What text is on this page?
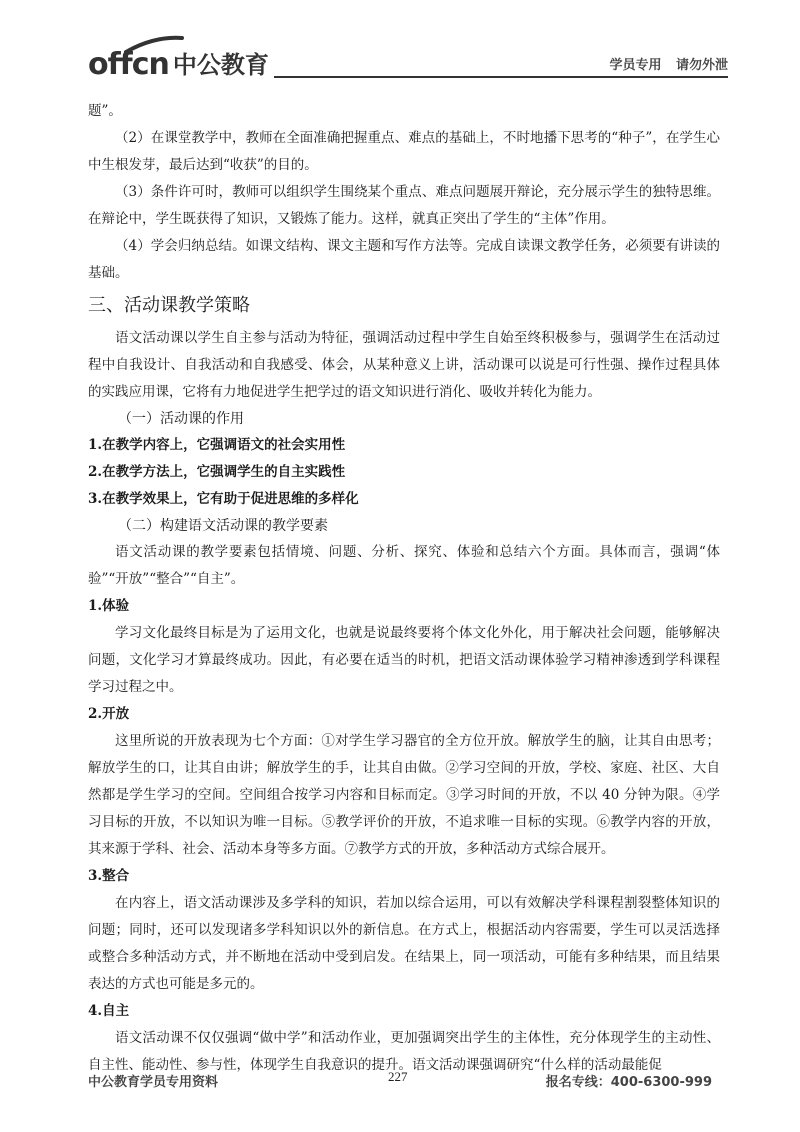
offcn 中公教育	学员专用 请勿外泄

题”。

（2）在课堂教学中，教师在全面准确把握重点、难点的基础上，不时地播下思考的“种子”，在学生心中生根发芽，最后达到“收获”的目的。

（3）条件许可时，教师可以组织学生围绕某个重点、难点问题展开辩论，充分展示学生的独特思维。在辩论中，学生既获得了知识，又锻炼了能力。这样，就真正突出了学生的“主体”作用。

（4）学会归纳总结。如课文结构、课文主题和写作方法等。完成自读课文教学任务，必须要有讲读的基础。

三、活动课教学策略

语文活动课以学生自主参与活动为特征，强调活动过程中学生自始至终积极参与，强调学生在活动过程中自我设计、自我活动和自我感受、体会，从某种意义上讲，活动课可以说是可行性强、操作过程具体的实践应用课，它将有力地促进学生把学过的语文知识进行消化、吸收并转化为能力。

（一）活动课的作用

1.在教学内容上，它强调语文的社会实用性

2.在教学方法上，它强调学生的自主实践性

3.在教学效果上，它有助于促进思维的多样化

（二）构建语文活动课的教学要素

语文活动课的教学要素包括情境、问题、分析、探究、体验和总结六个方面。具体而言，强调“体验”“开放”“整合”“自主”。

1.体验

学习文化最终目标是为了运用文化，也就是说最终要将个体文化外化，用于解决社会问题，能够解决问题，文化学习才算最终成功。因此，有必要在适当的时机，把语文活动课体验学习精神渗透到学科课程学习过程之中。

2.开放

这里所说的开放表现为七个方面：①对学生学习器官的全方位开放。解放学生的脑，让其自由思考；解放学生的口，让其自由讲；解放学生的手，让其自由做。②学习空间的开放，学校、家庭、社区、大自然都是学生学习的空间。空间组合按学习内容和目标而定。③学习时间的开放，不以 40 分钟为限。④学习目标的开放，不以知识为唯一目标。⑤教学评价的开放，不追求唯一目标的实现。⑥教学内容的开放，其来源于学科、社会、活动本身等多方面。⑦教学方式的开放，多种活动方式综合展开。

3.整合

在内容上，语文活动课涉及多学科的知识，若加以综合运用，可以有效解决学科课程割裂整体知识的问题；同时，还可以发现诸多学科知识以外的新信息。在方式上，根据活动内容需要，学生可以灵活选择或整合多种活动方式，并不断地在活动中受到启发。在结果上，同一项活动，可能有多种结果，而且结果表达的方式也可能是多元的。

4.自主

语文活动课不仅仅强调“做中学”和活动作业，更加强调突出学生的主体性，充分体现学生的主动性、自主性、能动性、参与性，体现学生自我意识的提升。语文活动课强调研究“什么样的活动最能促

中公教育学员专用资料	227	报名专线：400-6300-999
